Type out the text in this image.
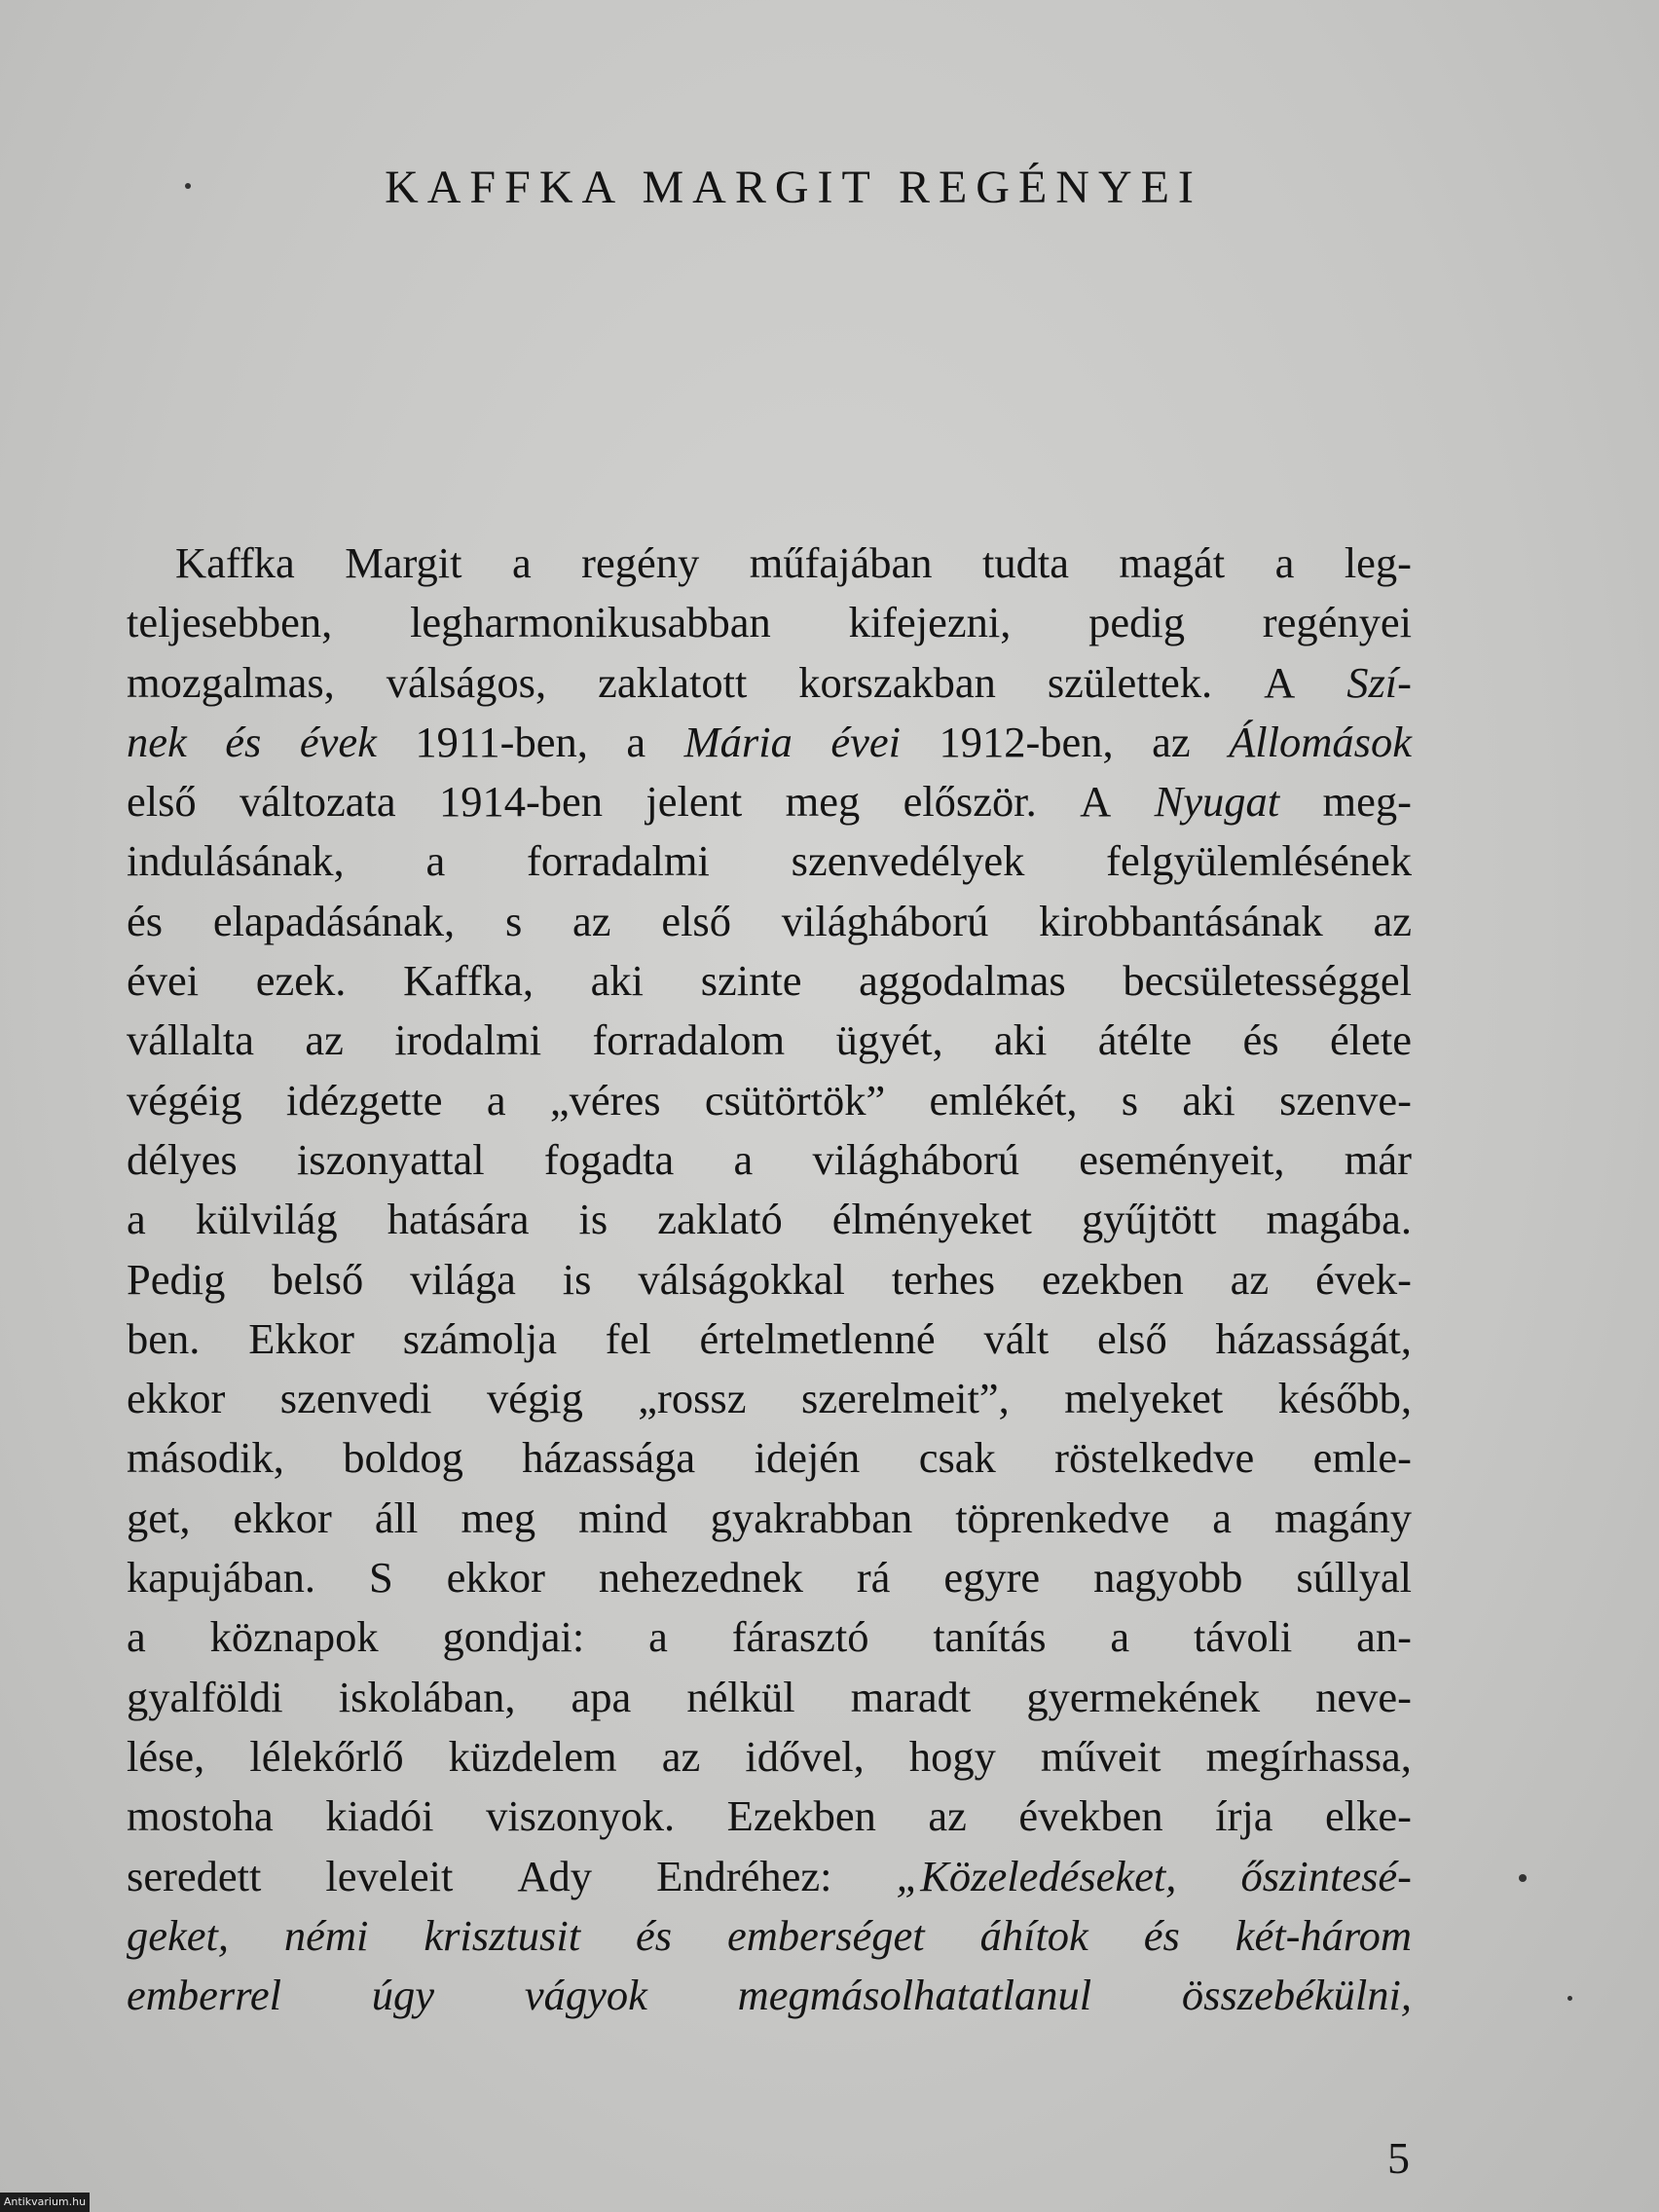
KAFFKA MARGIT REGÉNYEI
Kaffka Margit a regény műfajában tudta magát a leg-
teljesebben, legharmonikusabban kifejezni, pedig regényei
mozgalmas, válságos, zaklatott korszakban születtek. A Szí-
nek és évek 1911-ben, a Mária évei 1912-ben, az Állomások
első változata 1914-ben jelent meg először. A Nyugat meg-
indulásának, a forradalmi szenvedélyek felgyülemlésének
és elapadásának, s az első világháború kirobbantásának az
évei ezek. Kaffka, aki szinte aggodalmas becsületességgel
vállalta az irodalmi forradalom ügyét, aki átélte és élete
végéig idézgette a „véres csütörtök” emlékét, s aki szenve-
délyes iszonyattal fogadta a világháború eseményeit, már
a külvilág hatására is zaklató élményeket gyűjtött magába.
Pedig belső világa is válságokkal terhes ezekben az évek-
ben. Ekkor számolja fel értelmetlenné vált első házasságát,
ekkor szenvedi végig „rossz szerelmeit”, melyeket később,
második, boldog házassága idején csak röstelkedve emle-
get, ekkor áll meg mind gyakrabban töprenkedve a magány
kapujában. S ekkor nehezednek rá egyre nagyobb súllyal
a köznapok gondjai: a fárasztó tanítás a távoli an-
gyalföldi iskolában, apa nélkül maradt gyermekének neve-
lése, lélekőrlő küzdelem az idővel, hogy műveit megírhassa,
mostoha kiadói viszonyok. Ezekben az években írja elke-
seredett leveleit Ady Endréhez: „Közeledéseket, őszintesé-
geket, némi krisztusit és emberséget áhítok és két-három
emberrel úgy vágyok megmásolhatatlanul összebékülni,
5
Antikvarium.hu
